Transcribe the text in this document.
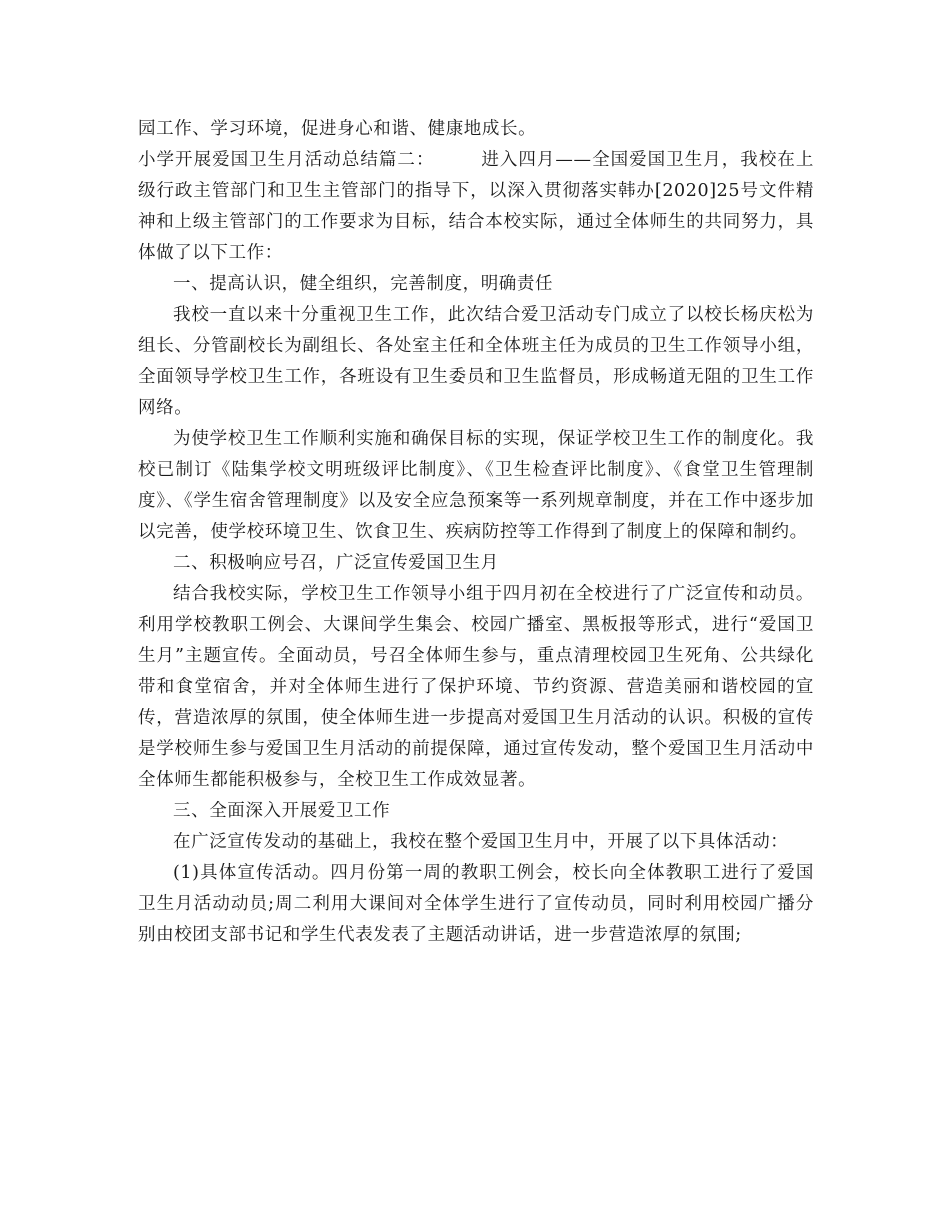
园工作、学习环境，促进身心和谐、健康地成长。

小学开展爱国卫生月活动总结篇二：　　　进入四月——全国爱国卫生月，我校在上级行政主管部门和卫生主管部门的指导下，以深入贯彻落实韩办[2020]25号文件精神和上级主管部门的工作要求为目标，结合本校实际，通过全体师生的共同努力，具体做了以下工作：

一、提高认识，健全组织，完善制度，明确责任

我校一直以来十分重视卫生工作，此次结合爱卫活动专门成立了以校长杨庆松为组长、分管副校长为副组长、各处室主任和全体班主任为成员的卫生工作领导小组，全面领导学校卫生工作，各班设有卫生委员和卫生监督员，形成畅道无阻的卫生工作网络。

为使学校卫生工作顺利实施和确保目标的实现，保证学校卫生工作的制度化。我校已制订《陆集学校文明班级评比制度》、《卫生检查评比制度》、《食堂卫生管理制度》、《学生宿舍管理制度》以及安全应急预案等一系列规章制度，并在工作中逐步加以完善，使学校环境卫生、饮食卫生、疾病防控等工作得到了制度上的保障和制约。

二、积极响应号召，广泛宣传爱国卫生月

结合我校实际，学校卫生工作领导小组于四月初在全校进行了广泛宣传和动员。利用学校教职工例会、大课间学生集会、校园广播室、黑板报等形式，进行“爱国卫生月”主题宣传。全面动员，号召全体师生参与，重点清理校园卫生死角、公共绿化带和食堂宿舍，并对全体师生进行了保护环境、节约资源、营造美丽和谐校园的宣传，营造浓厚的氛围，使全体师生进一步提高对爱国卫生月活动的认识。积极的宣传是学校师生参与爱国卫生月活动的前提保障，通过宣传发动，整个爱国卫生月活动中全体师生都能积极参与，全校卫生工作成效显著。

三、全面深入开展爱卫工作

在广泛宣传发动的基础上，我校在整个爱国卫生月中，开展了以下具体活动：

(1)具体宣传活动。四月份第一周的教职工例会，校长向全体教职工进行了爱国卫生月活动动员;周二利用大课间对全体学生进行了宣传动员，同时利用校园广播分别由校团支部书记和学生代表发表了主题活动讲话，进一步营造浓厚的氛围;
